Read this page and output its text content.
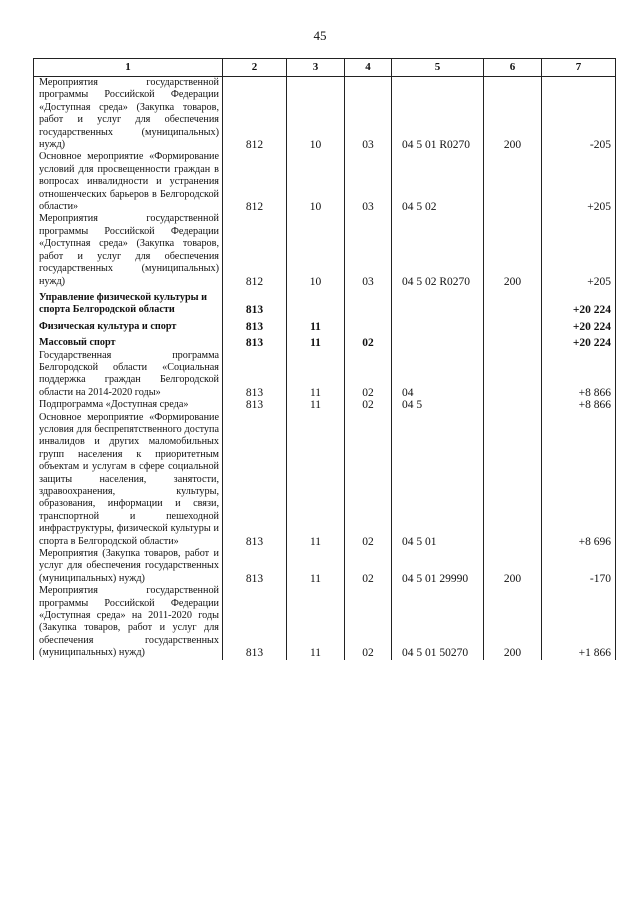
45
1	2	3	4	5	6	7
Мероприятия государственной программы Российской Федерации «Доступная среда» (Закупка товаров, работ и услуг для обеспечения государственных (муниципальных) нужд)	812	10	03	04 5 01 R0270	200	-205
Основное мероприятие «Формирование условий для просвещенности граждан в вопросах инвалидности и устранения отношенческих барьеров в Белгородской области»	812	10	03	04 5 02		+205
Мероприятия государственной программы Российской Федерации «Доступная среда» (Закупка товаров, работ и услуг для обеспечения государственных (муниципальных) нужд)	812	10	03	04 5 02 R0270	200	+205
Управление физической культуры и спорта Белгородской области	813					+20 224
Физическая культура и спорт	813	11				+20 224
Массовый спорт	813	11	02			+20 224
Государственная программа Белгородской области «Социальная поддержка граждан Белгородской области на 2014-2020 годы»	813	11	02	04		+8 866
Подпрограмма «Доступная среда»	813	11	02	04 5		+8 866
Основное мероприятие «Формирование условия для беспрепятственного доступа инвалидов и других маломобильных групп населения к приоритетным объектам и услугам в сфере социальной защиты населения, занятости, здравоохранения, культуры, образования, информации и связи, транспортной и пешеходной инфраструктуры, физической культуры и спорта в Белгородской области»	813	11	02	04 5 01		+8 696
Мероприятия (Закупка товаров, работ и услуг для обеспечения государственных (муниципальных) нужд)	813	11	02	04 5 01 29990	200	-170
Мероприятия государственной программы Российской Федерации «Доступная среда» на 2011-2020 годы (Закупка товаров, работ и услуг для обеспечения государственных (муниципальных) нужд)	813	11	02	04 5 01 50270	200	+1 866
